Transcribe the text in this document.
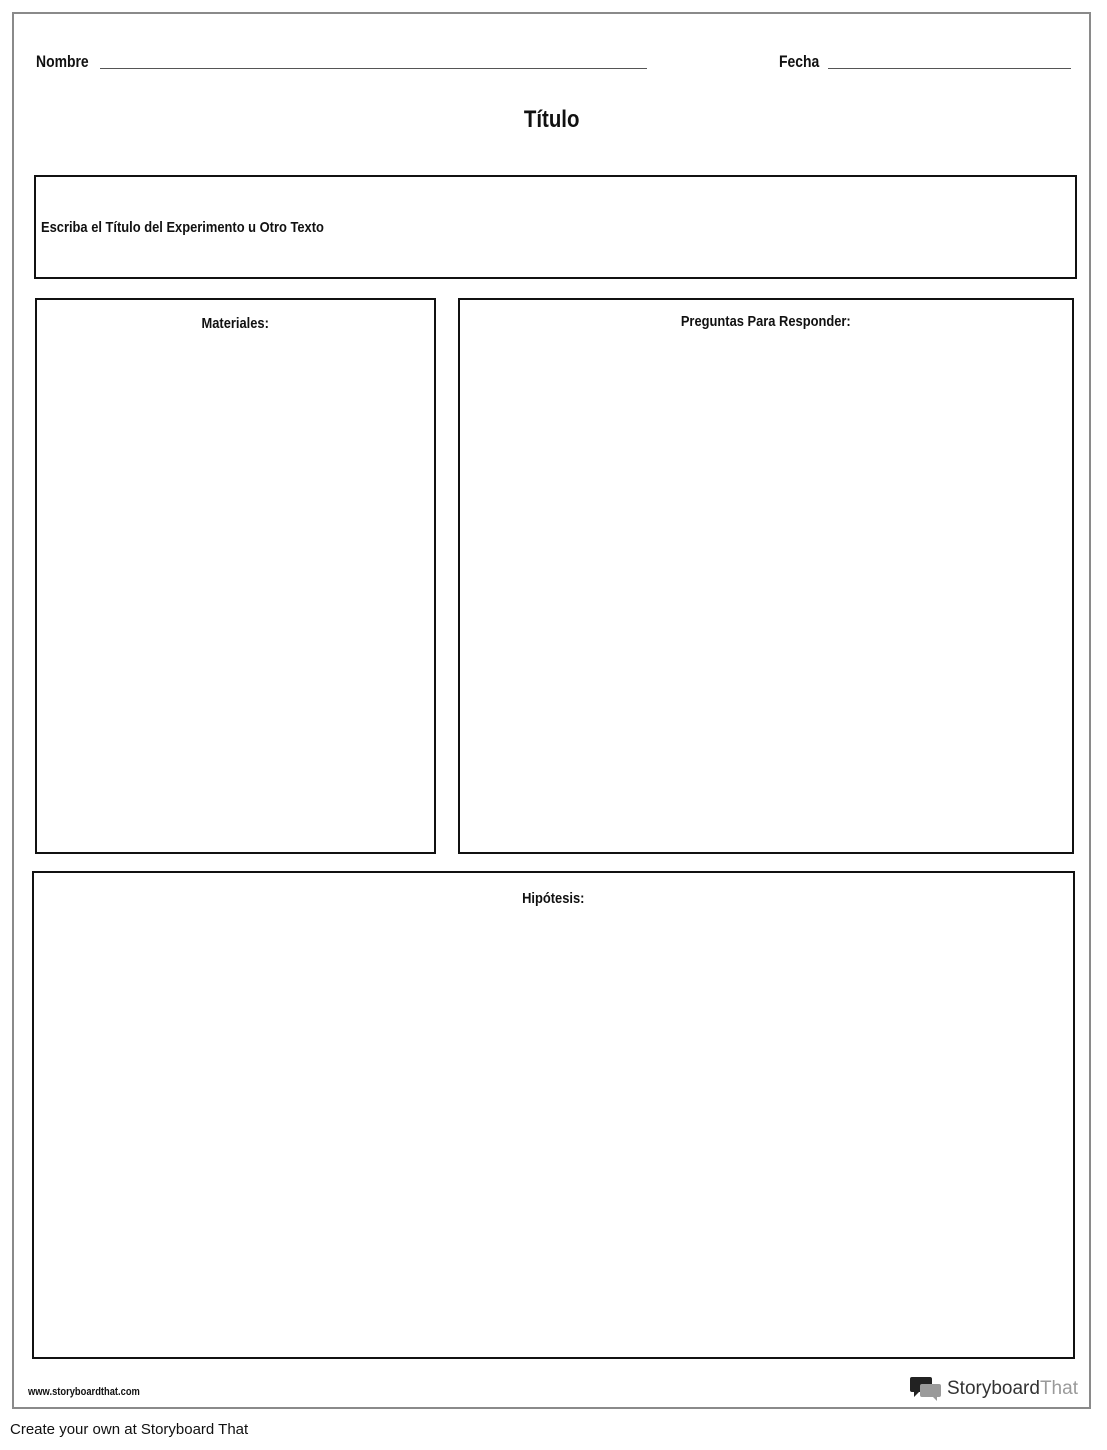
Nombre	Fecha
Título
Escriba el Título del Experimento u Otro Texto
Materiales:	Preguntas Para Responder:
Hipótesis:
www.storyboardthat.com	StoryboardThat
Create your own at Storyboard That
